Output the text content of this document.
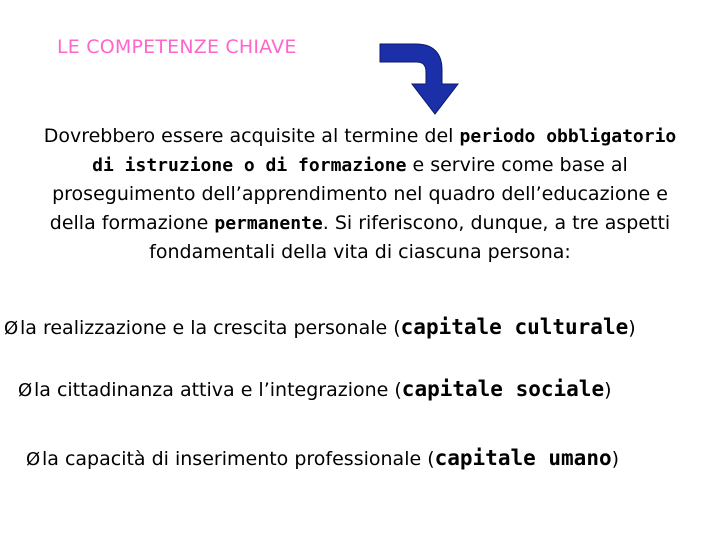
LE COMPETENZE CHIAVE
Dovrebbero essere acquisite al termine del periodo obbligatorio di istruzione o di formazione e servire come base al proseguimento dell’apprendimento nel quadro dell’educazione e della formazione permanente. Si riferiscono, dunque, a tre aspetti fondamentali della vita di ciascuna persona:
Øla realizzazione e la crescita personale (capitale culturale)
Øla cittadinanza attiva e l’integrazione (capitale sociale)
Øla capacità di inserimento professionale (capitale umano)
